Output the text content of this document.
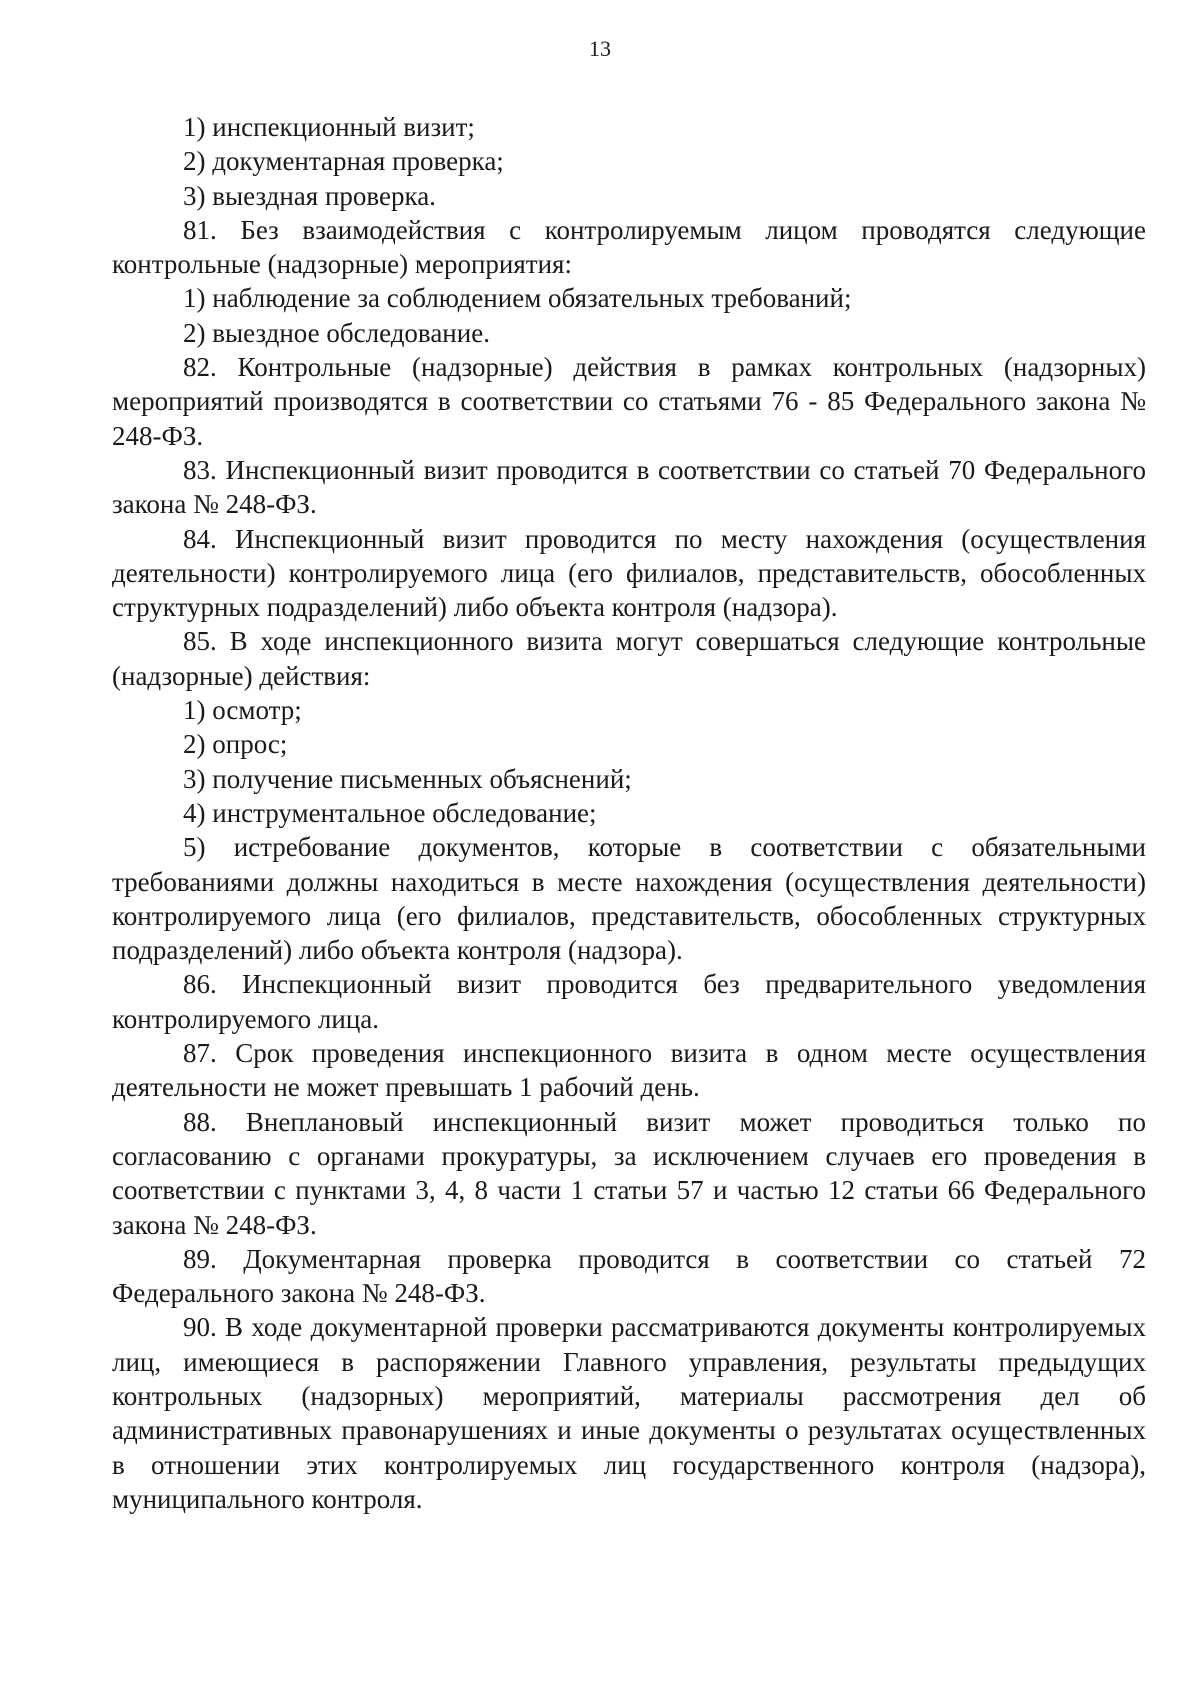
13

1) инспекционный визит;

2) документарная проверка;

3) выездная проверка.

81. Без взаимодействия с контролируемым лицом проводятся следующие контрольные (надзорные) мероприятия:

1) наблюдение за соблюдением обязательных требований;

2) выездное обследование.

82. Контрольные (надзорные) действия в рамках контрольных (надзорных) мероприятий производятся в соответствии со статьями 76 - 85 Федерального закона № 248-ФЗ.

83. Инспекционный визит проводится в соответствии со статьей 70 Федерального закона № 248-ФЗ.

84. Инспекционный визит проводится по месту нахождения (осуществления деятельности) контролируемого лица (его филиалов, представительств, обособленных структурных подразделений) либо объекта контроля (надзора).

85. В ходе инспекционного визита могут совершаться следующие контрольные (надзорные) действия:

1) осмотр;

2) опрос;

3) получение письменных объяснений;

4) инструментальное обследование;

5) истребование документов, которые в соответствии с обязательными требованиями должны находиться в месте нахождения (осуществления деятельности) контролируемого лица (его филиалов, представительств, обособленных структурных подразделений) либо объекта контроля (надзора).

86. Инспекционный визит проводится без предварительного уведомления контролируемого лица.

87. Срок проведения инспекционного визита в одном месте осуществления деятельности не может превышать 1 рабочий день.

88. Внеплановый инспекционный визит может проводиться только по согласованию с органами прокуратуры, за исключением случаев его проведения в соответствии с пунктами 3, 4, 8 части 1 статьи 57 и частью 12 статьи 66 Федерального закона № 248-ФЗ.

89. Документарная проверка проводится в соответствии со статьей 72 Федерального закона № 248-ФЗ.

90. В ходе документарной проверки рассматриваются документы контролируемых лиц, имеющиеся в распоряжении Главного управления, результаты предыдущих контрольных (надзорных) мероприятий, материалы рассмотрения дел об административных правонарушениях и иные документы о результатах осуществленных в отношении этих контролируемых лиц государственного контроля (надзора), муниципального контроля.
